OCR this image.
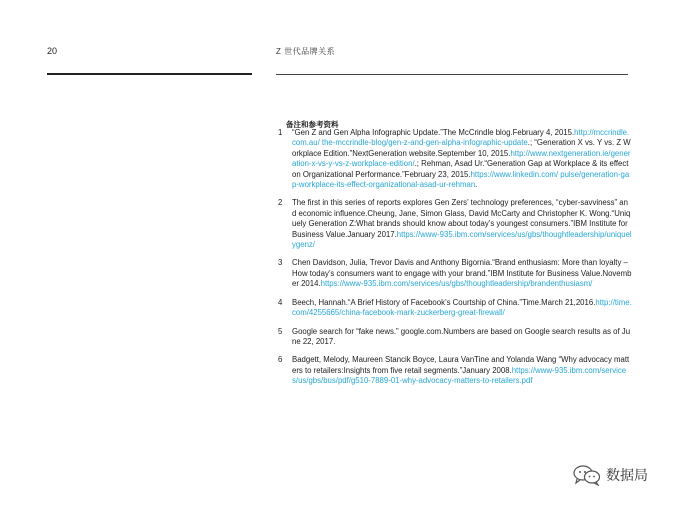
20	Z 世代品牌关系
备注和参考资料
1	“Gen Z and Gen Alpha Infographic Update.”The McCrindle blog.February 4, 2015.http://mccrindle.com.au/ the-mccrindle-blog/gen-z-and-gen-alpha-infographic-update.; “Generation X vs. Y vs. Z Workplace Edition.”NextGeneration website.September 10, 2015.http://www.nextgeneration.ie/generation-x-vs-y-vs-z-workplace-edition/.; Rehman, Asad Ur.“Generation Gap at Workplace & its effect on Organizational Performance.”February 23, 2015.https://www.linkedin.com/ pulse/generation-gap-workplace-its-effect-organizational-asad-ur-rehman.
2	The first in this series of reports explores Gen Zers’ technology preferences, “cyber-savviness” and economic influence.Cheung, Jane, Simon Glass, David McCarty and Christopher K. Wong.“Uniquely Generation Z:What brands should know about today’s youngest consumers.”IBM Institute for Business Value.January 2017.https://www-935.ibm.com/services/us/gbs/thoughtleadership/uniquelygenz/
3	Chen Davidson, Julia, Trevor Davis and Anthony Bigornia.“Brand enthusiasm: More than loyalty – How today’s consumers want to engage with your brand.”IBM Institute for Business Value.November 2014.https://www-935.ibm.com/services/us/gbs/thoughtleadership/brandenthusiasm/
4	Beech, Hannah.“A Brief History of Facebook’s Courtship of China.”Time.March 21,2016.http://time.com/4255665/china-facebook-mark-zuckerberg-great-firewall/
5	Google search for “fake news.” google.com.Numbers are based on Google search results as of June 22, 2017.
6	Badgett, Melody, Maureen Stancik Boyce, Laura VanTine and Yolanda Wang “Why advocacy matters to retailers:Insights from five retail segments.”January 2008.https://www-935.ibm.com/services/us/gbs/bus/pdf/g510-7889-01-why-advocacy-matters-to-retailers.pdf
数据局
